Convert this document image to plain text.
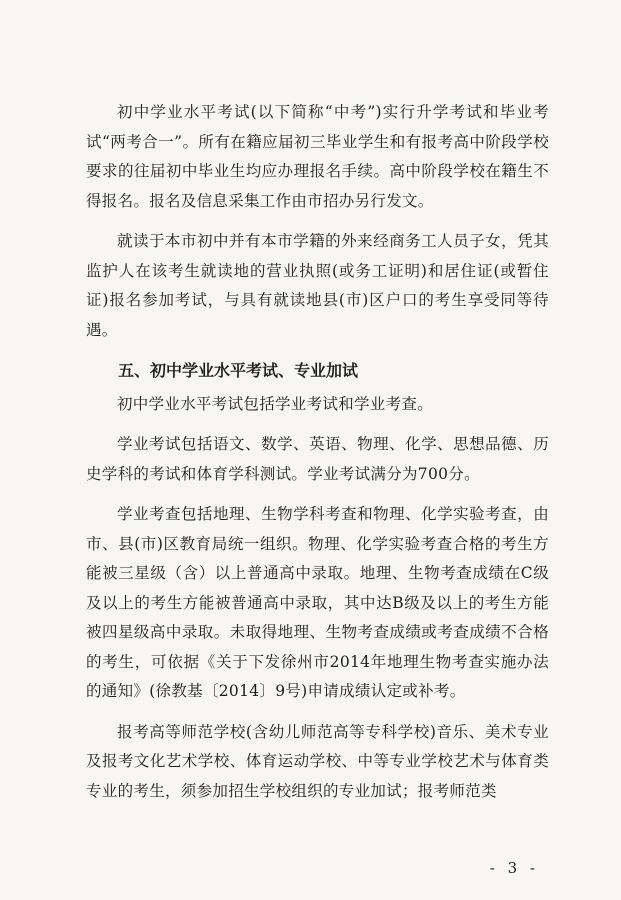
初中学业水平考试(以下简称“中考”)实行升学考试和毕业考试“两考合一”。所有在籍应届初三毕业学生和有报考高中阶段学校要求的往届初中毕业生均应办理报名手续。高中阶段学校在籍生不得报名。报名及信息采集工作由市招办另行发文。

就读于本市初中并有本市学籍的外来经商务工人员子女，凭其监护人在该考生就读地的营业执照(或务工证明)和居住证(或暂住证)报名参加考试，与具有就读地县(市)区户口的考生享受同等待遇。

五、初中学业水平考试、专业加试

初中学业水平考试包括学业考试和学业考查。

学业考试包括语文、数学、英语、物理、化学、思想品德、历史学科的考试和体育学科测试。学业考试满分为700分。

学业考查包括地理、生物学科考查和物理、化学实验考查，由市、县(市)区教育局统一组织。物理、化学实验考查合格的考生方能被三星级（含）以上普通高中录取。地理、生物考查成绩在C级及以上的考生方能被普通高中录取，其中达B级及以上的考生方能被四星级高中录取。未取得地理、生物考查成绩或考查成绩不合格的考生，可依据《关于下发徐州市2014年地理生物考查实施办法的通知》(徐教基〔2014〕9号)申请成绩认定或补考。

报考高等师范学校(含幼儿师范高等专科学校)音乐、美术专业及报考文化艺术学校、体育运动学校、中等专业学校艺术与体育类专业的考生，须参加招生学校组织的专业加试；报考师范类

- 3 -
